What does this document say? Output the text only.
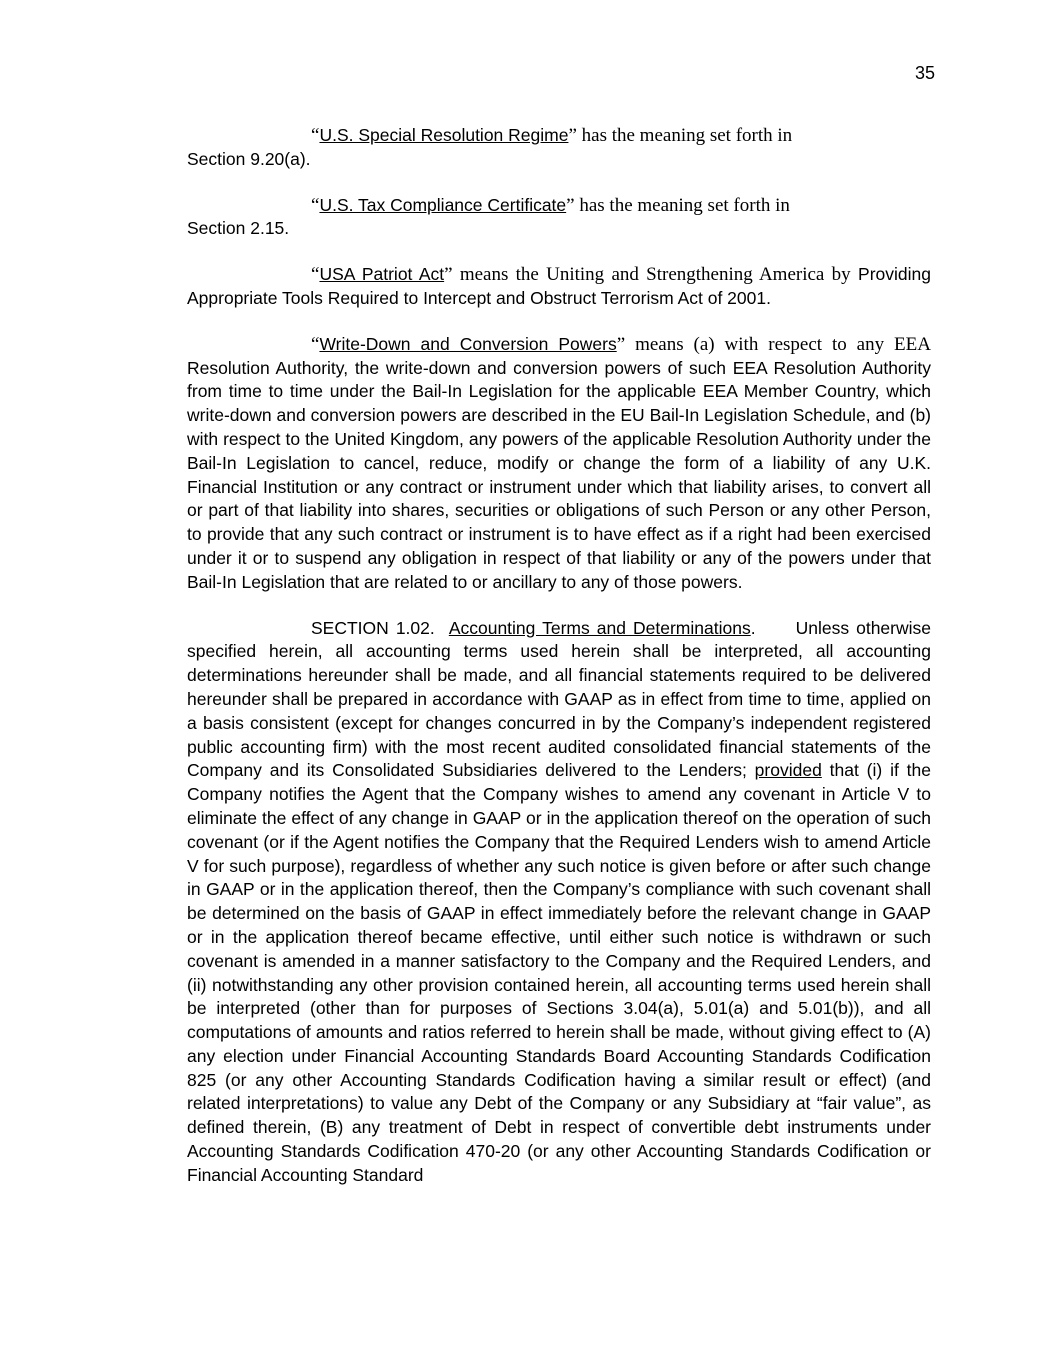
35

“U.S. Special Resolution Regime” has the meaning set forth in
Section 9.20(a).

“U.S. Tax Compliance Certificate” has the meaning set forth in
Section 2.15.

“USA Patriot Act” means the Uniting and Strengthening America by Providing Appropriate Tools Required to Intercept and Obstruct Terrorism Act of 2001.

“Write-Down and Conversion Powers” means (a) with respect to any EEA Resolution Authority, the write-down and conversion powers of such EEA Resolution Authority from time to time under the Bail-In Legislation for the applicable EEA Member Country, which write-down and conversion powers are described in the EU Bail-In Legislation Schedule, and (b) with respect to the United Kingdom, any powers of the applicable Resolution Authority under the Bail-In Legislation to cancel, reduce, modify or change the form of a liability of any U.K. Financial Institution or any contract or instrument under which that liability arises, to convert all or part of that liability into shares, securities or obligations of such Person or any other Person, to provide that any such contract or instrument is to have effect as if a right had been exercised under it or to suspend any obligation in respect of that liability or any of the powers under that Bail-In Legislation that are related to or ancillary to any of those powers.

SECTION 1.02. Accounting Terms and Determinations. Unless otherwise specified herein, all accounting terms used herein shall be interpreted, all accounting determinations hereunder shall be made, and all financial statements required to be delivered hereunder shall be prepared in accordance with GAAP as in effect from time to time, applied on a basis consistent (except for changes concurred in by the Company’s independent registered public accounting firm) with the most recent audited consolidated financial statements of the Company and its Consolidated Subsidiaries delivered to the Lenders; provided that (i) if the Company notifies the Agent that the Company wishes to amend any covenant in Article V to eliminate the effect of any change in GAAP or in the application thereof on the operation of such covenant (or if the Agent notifies the Company that the Required Lenders wish to amend Article V for such purpose), regardless of whether any such notice is given before or after such change in GAAP or in the application thereof, then the Company’s compliance with such covenant shall be determined on the basis of GAAP in effect immediately before the relevant change in GAAP or in the application thereof became effective, until either such notice is withdrawn or such covenant is amended in a manner satisfactory to the Company and the Required Lenders, and (ii) notwithstanding any other provision contained herein, all accounting terms used herein shall be interpreted (other than for purposes of Sections 3.04(a), 5.01(a) and 5.01(b)), and all computations of amounts and ratios referred to herein shall be made, without giving effect to (A) any election under Financial Accounting Standards Board Accounting Standards Codification 825 (or any other Accounting Standards Codification having a similar result or effect) (and related interpretations) to value any Debt of the Company or any Subsidiary at “fair value”, as defined therein, (B) any treatment of Debt in respect of convertible debt instruments under Accounting Standards Codification 470-20 (or any other Accounting Standards Codification or Financial Accounting Standard
